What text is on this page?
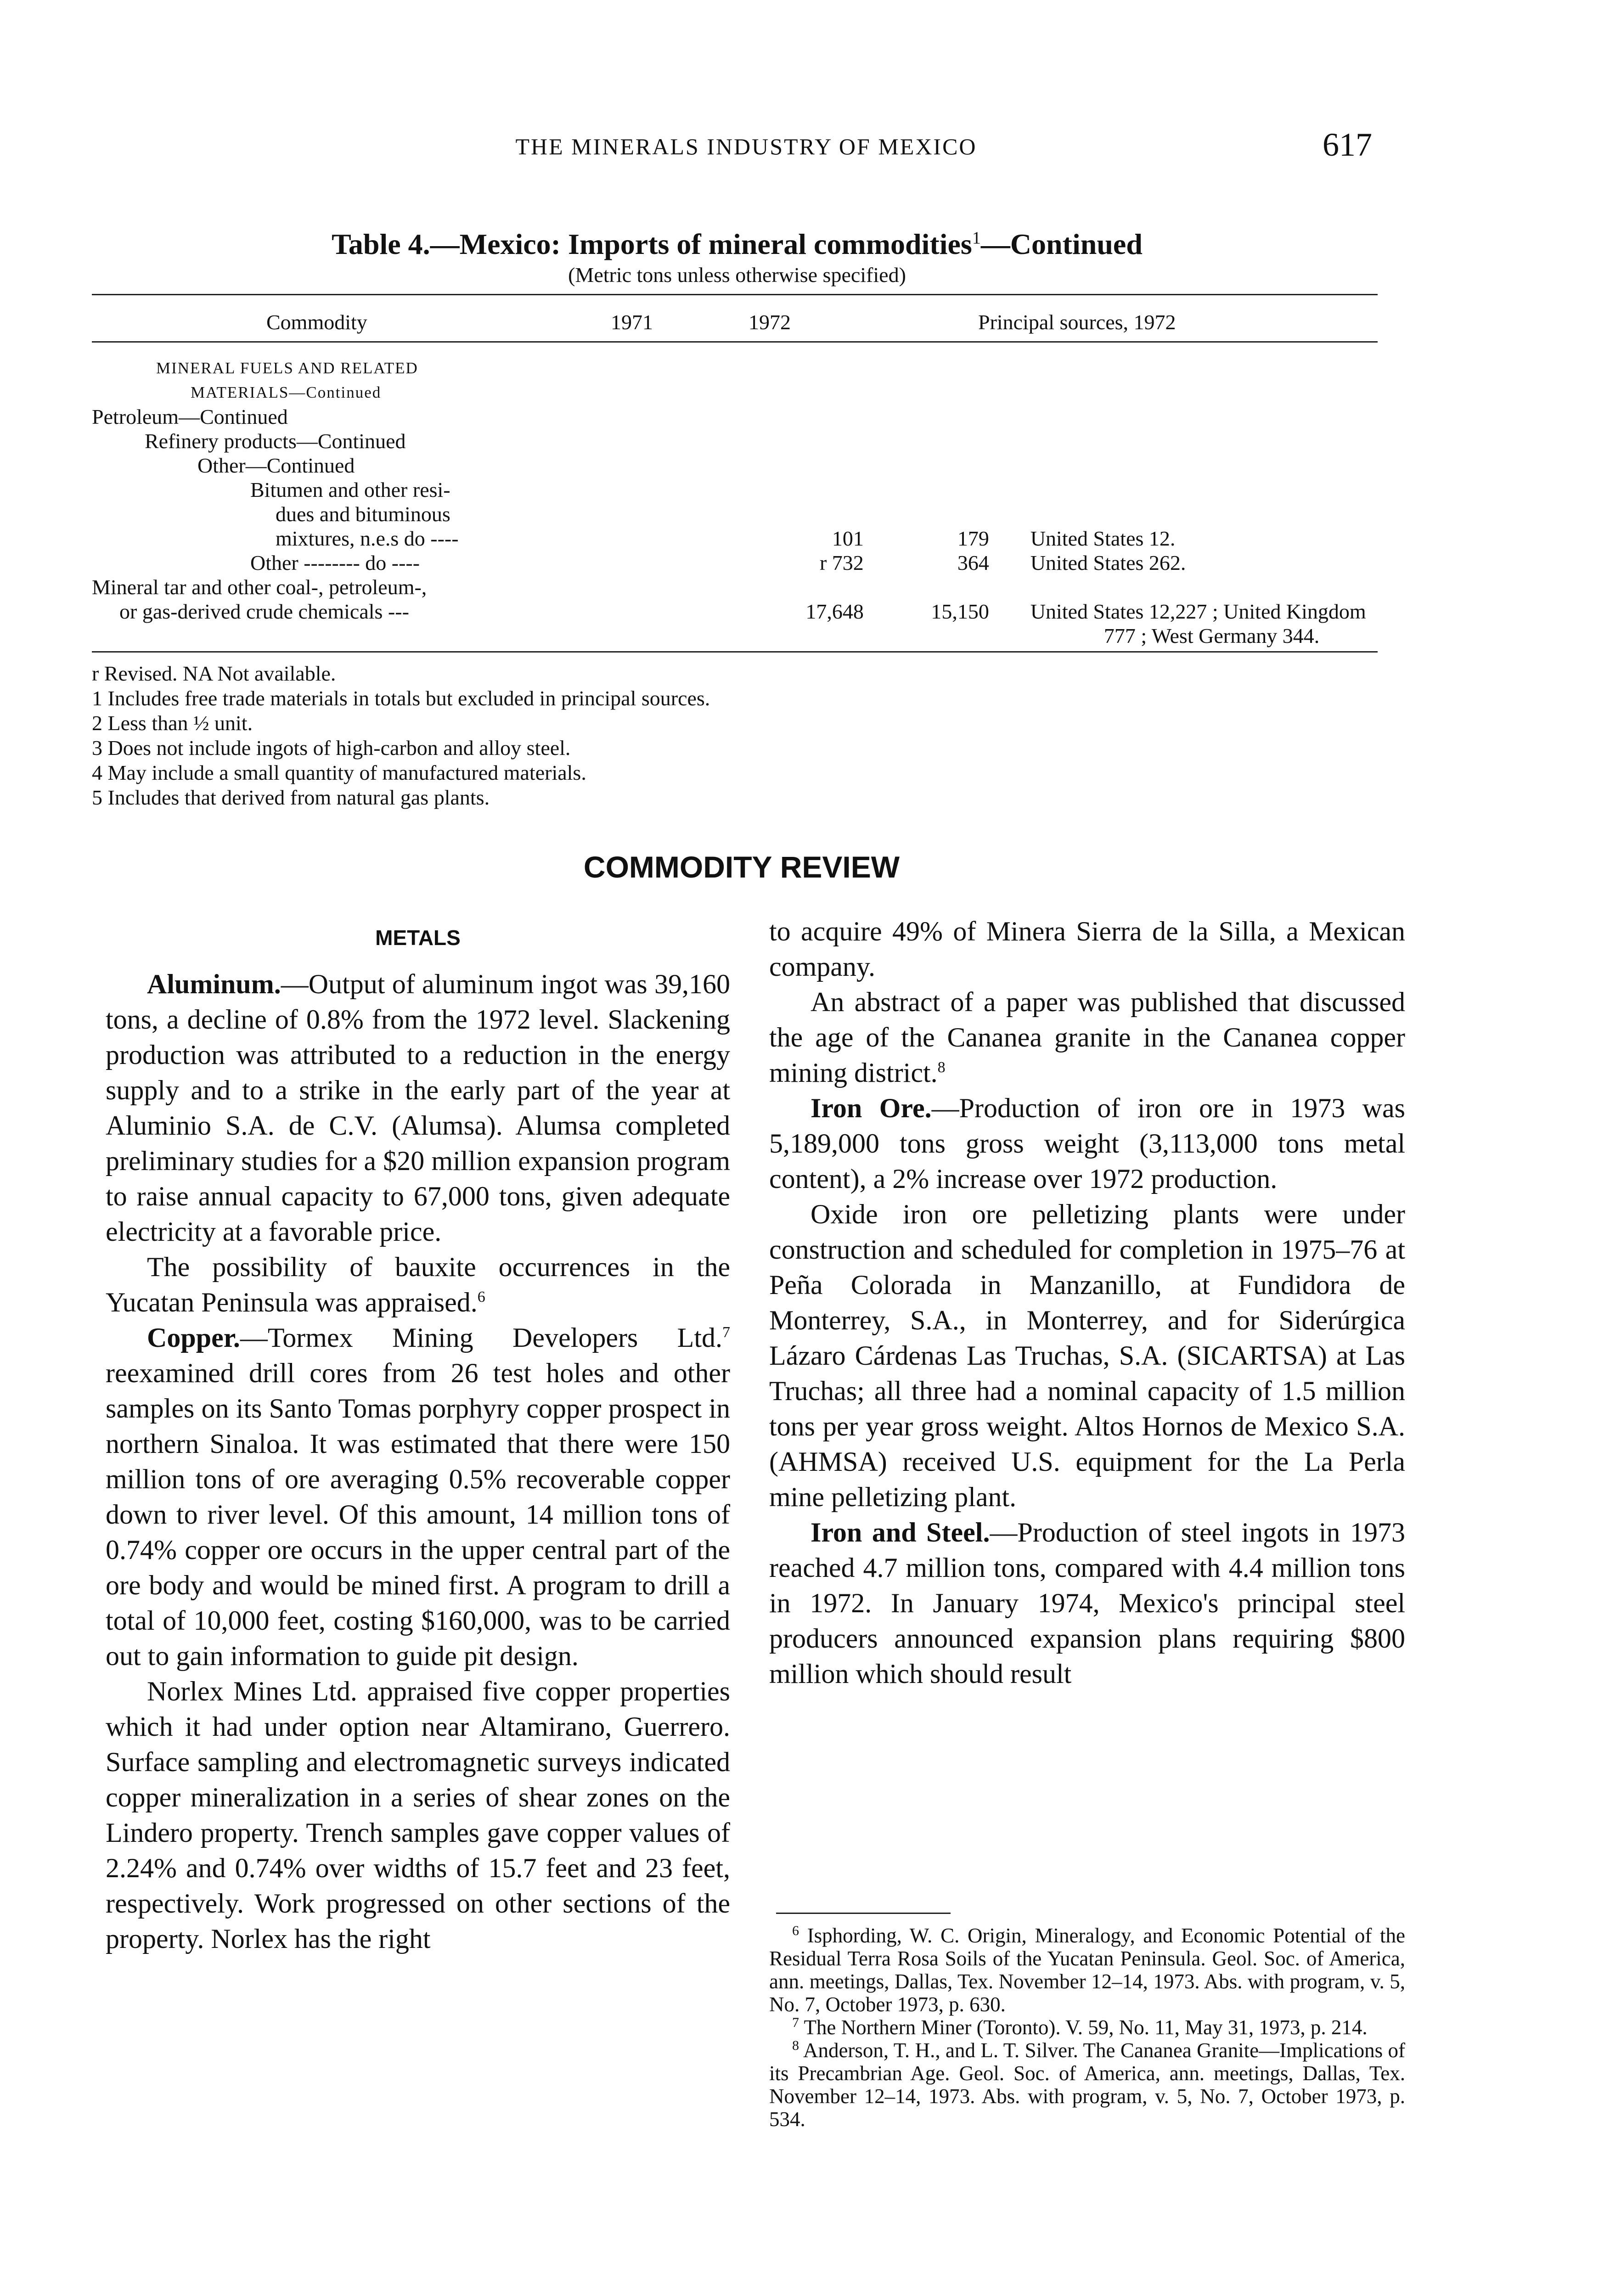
THE MINERALS INDUSTRY OF MEXICO	617
Table 4.—Mexico: Imports of mineral commodities$^1$—Continued
(Metric tons unless otherwise specified)
Commodity	1971	1972	Principal sources, 1972
MINERAL FUELS AND RELATED			
MATERIALS—Continued			
Petroleum—Continued			
Refinery products—Continued			
Other—Continued			
Bitumen and other resi-			
dues and bituminous			
mixtures, n.e.s do ----	101	179	United States 12.
Other -------- do ----	r 732	364	United States 262.
Mineral tar and other coal-, petroleum-,			
or gas-derived crude chemicals ---	17,648	15,150	United States 12,227 ; United Kingdom
			777 ; West Germany 344.
r Revised. NA Not available.
1 Includes free trade materials in totals but excluded in principal sources.
2 Less than ½ unit.
3 Does not include ingots of high-carbon and alloy steel.
4 May include a small quantity of manufactured materials.
5 Includes that derived from natural gas plants.
COMMODITY REVIEW
METALS

Aluminum.—Output of aluminum ingot was 39,160 tons, a decline of 0.8% from the 1972 level. Slackening production was attributed to a reduction in the energy supply and to a strike in the early part of the year at Aluminio S.A. de C.V. (Alumsa). Alumsa completed preliminary studies for a $20 million expansion program to raise annual capacity to 67,000 tons, given adequate electricity at a favorable price.

The possibility of bauxite occurrences in the Yucatan Peninsula was appraised.$^6$

Copper.—Tormex Mining Developers Ltd.$^7$ reexamined drill cores from 26 test holes and other samples on its Santo Tomas porphyry copper prospect in northern Sinaloa. It was estimated that there were 150 million tons of ore averaging 0.5% recoverable copper down to river level. Of this amount, 14 million tons of 0.74% copper ore occurs in the upper central part of the ore body and would be mined first. A program to drill a total of 10,000 feet, costing $160,000, was to be carried out to gain information to guide pit design.

Norlex Mines Ltd. appraised five copper properties which it had under option near Altamirano, Guerrero. Surface sampling and electromagnetic surveys indicated copper mineralization in a series of shear zones on the Lindero property. Trench samples gave copper values of 2.24% and 0.74% over widths of 15.7 feet and 23 feet, respectively. Work progressed on other sections of the property. Norlex has the right

to acquire 49% of Minera Sierra de la Silla, a Mexican company.

An abstract of a paper was published that discussed the age of the Cananea granite in the Cananea copper mining district.$^8$

Iron Ore.—Production of iron ore in 1973 was 5,189,000 tons gross weight (3,113,000 tons metal content), a 2% increase over 1972 production.

Oxide iron ore pelletizing plants were under construction and scheduled for completion in 1975–76 at Peña Colorada in Manzanillo, at Fundidora de Monterrey, S.A., in Monterrey, and for Siderúrgica Lázaro Cárdenas Las Truchas, S.A. (SICARTSA) at Las Truchas; all three had a nominal capacity of 1.5 million tons per year gross weight. Altos Hornos de Mexico S.A. (AHMSA) received U.S. equipment for the La Perla mine pelletizing plant.

Iron and Steel.—Production of steel ingots in 1973 reached 4.7 million tons, compared with 4.4 million tons in 1972. In January 1974, Mexico's principal steel producers announced expansion plans requiring $800 million which should result

$^6$ Isphording, W. C. Origin, Mineralogy, and Economic Potential of the Residual Terra Rosa Soils of the Yucatan Peninsula. Geol. Soc. of America, ann. meetings, Dallas, Tex. November 12–14, 1973. Abs. with program, v. 5, No. 7, October 1973, p. 630.

$^7$ The Northern Miner (Toronto). V. 59, No. 11, May 31, 1973, p. 214.

$^8$ Anderson, T. H., and L. T. Silver. The Cananea Granite—Implications of its Precambrian Age. Geol. Soc. of America, ann. meetings, Dallas, Tex. November 12–14, 1973. Abs. with program, v. 5, No. 7, October 1973, p. 534.
